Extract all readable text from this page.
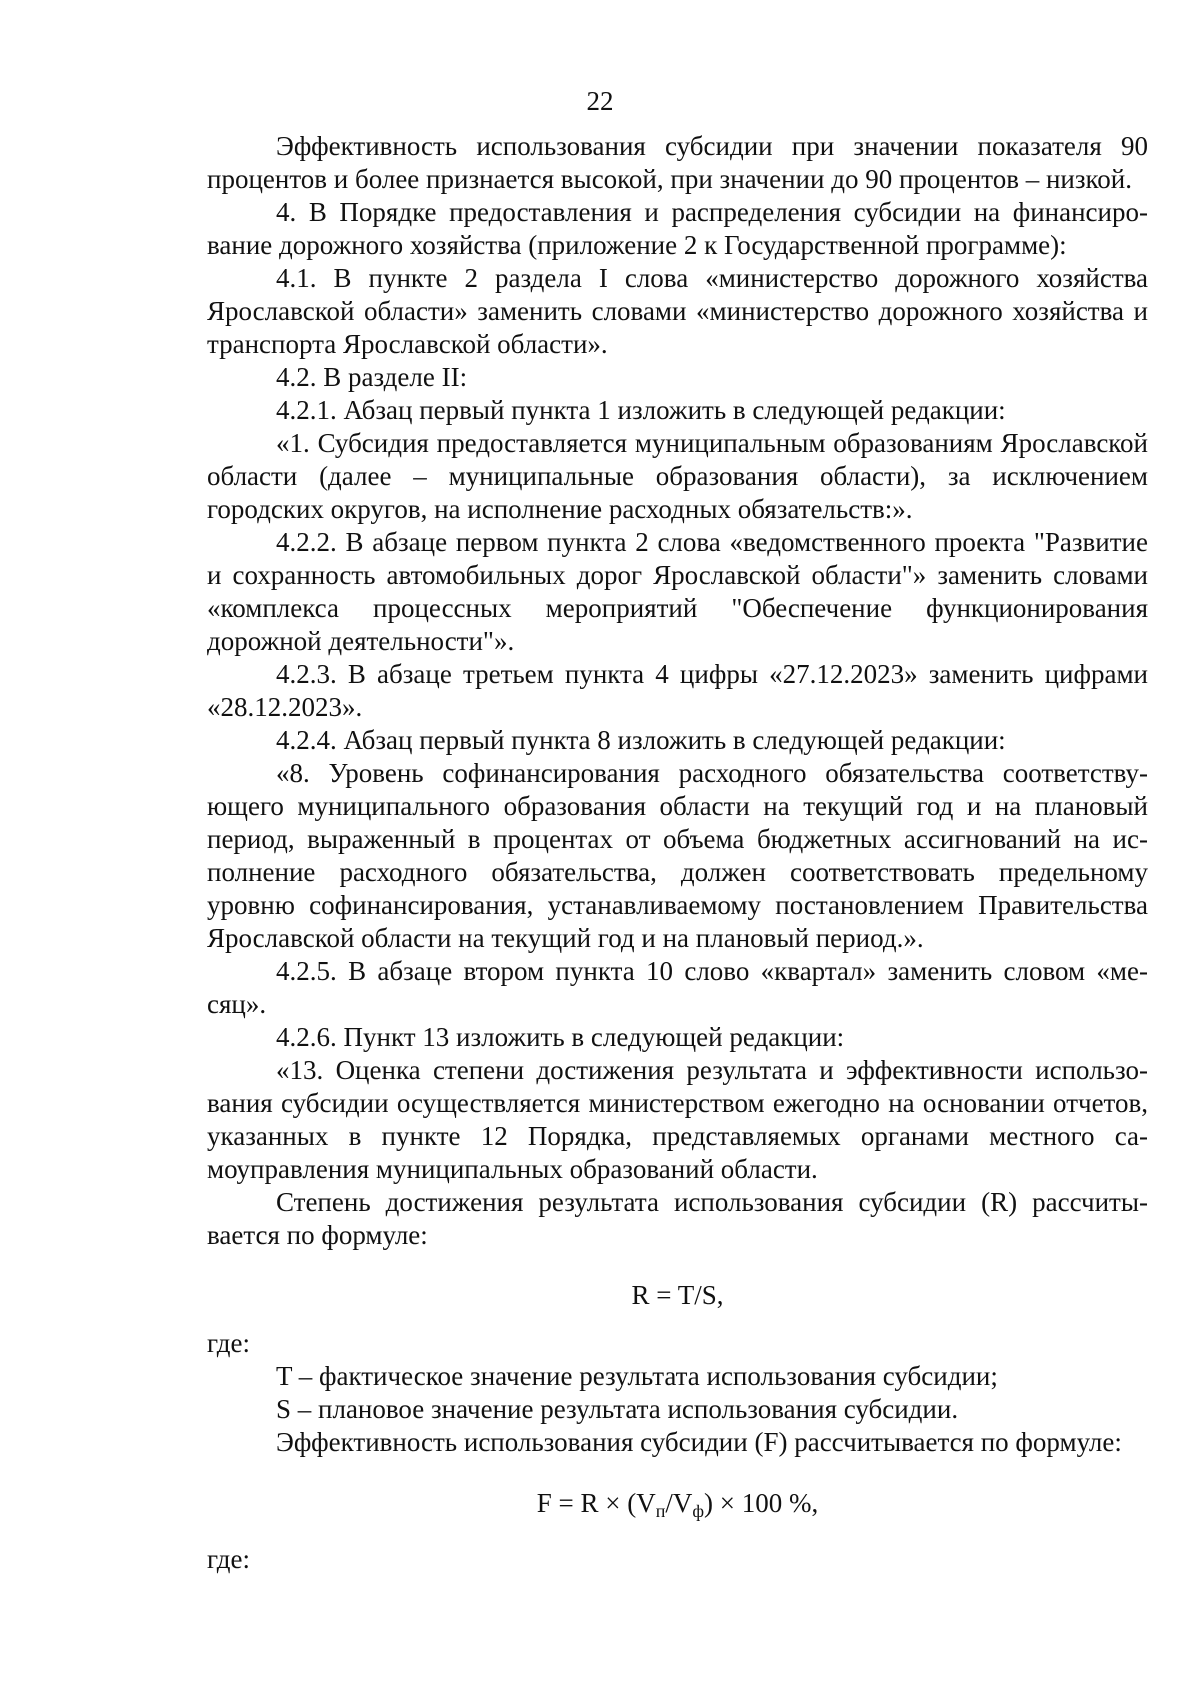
22

Эффективность использования субсидии при значении показателя 90 процентов и более признается высокой, при значении до 90 процентов – низкой.

4. В Порядке предоставления и распределения субсидии на финансирование дорожного хозяйства (приложение 2 к Государственной программе):

4.1. В пункте 2 раздела I слова «министерство дорожного хозяйства Ярославской области» заменить словами «министерство дорожного хозяйства и транспорта Ярославской области».

4.2. В разделе II:

4.2.1. Абзац первый пункта 1 изложить в следующей редакции:

«1. Субсидия предоставляется муниципальным образованиям Ярославской области (далее – муниципальные образования области), за исключением городских округов, на исполнение расходных обязательств:».

4.2.2. В абзаце первом пункта 2 слова «ведомственного проекта "Развитие и сохранность автомобильных дорог Ярославской области"» заменить словами «комплекса процессных мероприятий "Обеспечение функционирования дорожной деятельности"».

4.2.3. В абзаце третьем пункта 4 цифры «27.12.2023» заменить цифрами «28.12.2023».

4.2.4. Абзац первый пункта 8 изложить в следующей редакции:

«8. Уровень софинансирования расходного обязательства соответствующего муниципального образования области на текущий год и на плановый период, выраженный в процентах от объема бюджетных ассигнований на исполнение расходного обязательства, должен соответствовать предельному уровню софинансирования, устанавливаемому постановлением Правительства Ярославской области на текущий год и на плановый период.».

4.2.5. В абзаце втором пункта 10 слово «квартал» заменить словом «месяц».

4.2.6. Пункт 13 изложить в следующей редакции:

«13. Оценка степени достижения результата и эффективности использования субсидии осуществляется министерством ежегодно на основании отчетов, указанных в пункте 12 Порядка, представляемых органами местного самоуправления муниципальных образований области.

Степень достижения результата использования субсидии (R) рассчитывается по формуле:

R = T/S,

где:

T – фактическое значение результата использования субсидии;

S – плановое значение результата использования субсидии.

Эффективность использования субсидии (F) рассчитывается по формуле:

$F = R \times (V_п/V_ф) \times 100$ %,

где:
